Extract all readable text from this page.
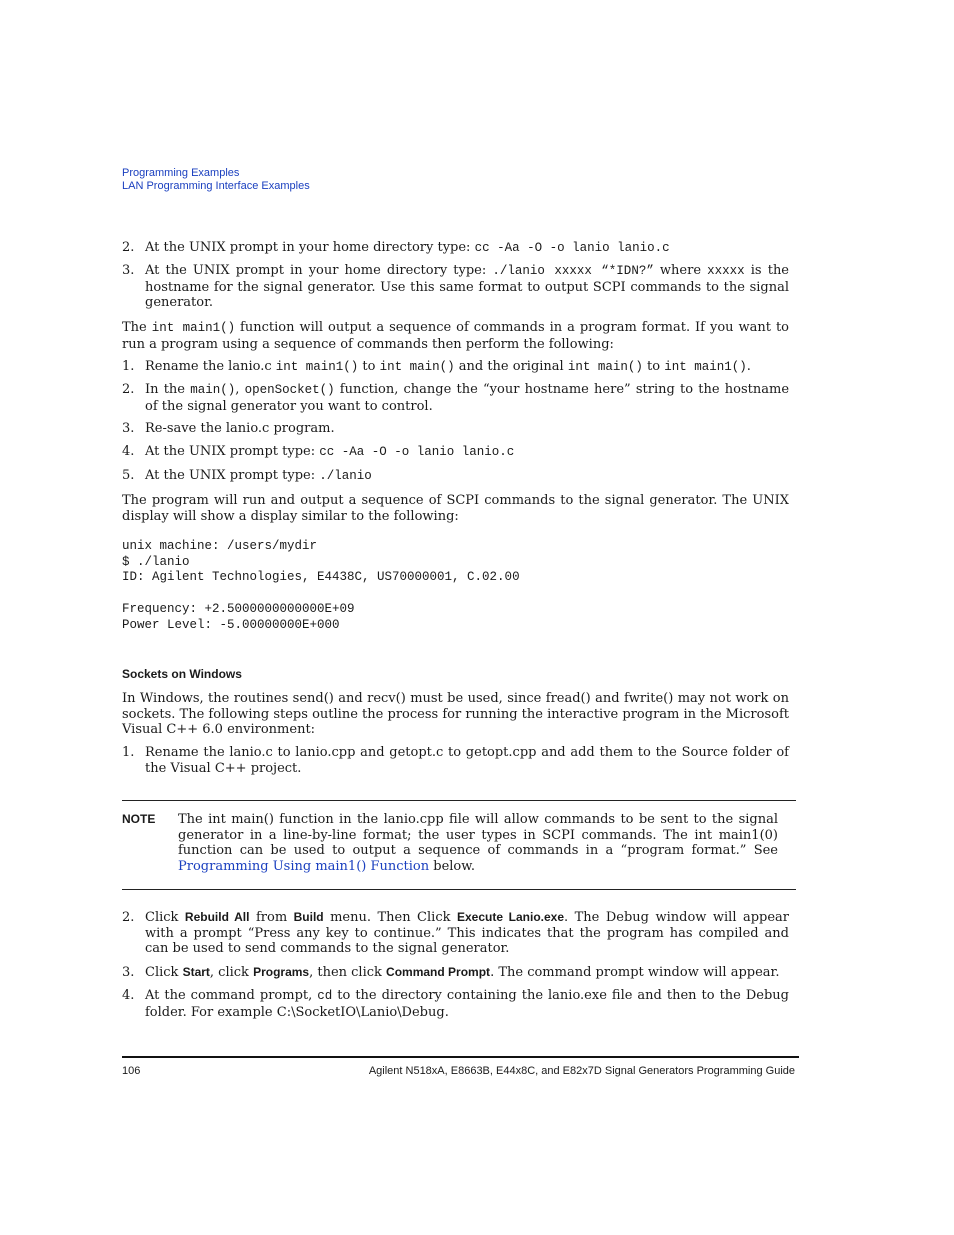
Programming Examples
LAN Programming Interface Examples
2. At the UNIX prompt in your home directory type: cc -Aa -O -o lanio lanio.c
3. At the UNIX prompt in your home directory type: ./lanio xxxxx “*IDN?” where xxxxx is the hostname for the signal generator. Use this same format to output SCPI commands to the signal generator.
The int main1() function will output a sequence of commands in a program format. If you want to run a program using a sequence of commands then perform the following:
1. Rename the lanio.c int main1() to int main() and the original int main() to int main1().
2. In the main(), openSocket() function, change the “your hostname here” string to the hostname of the signal generator you want to control.
3. Re-save the lanio.c program.
4. At the UNIX prompt type: cc -Aa -O -o lanio lanio.c
5. At the UNIX prompt type: ./lanio
The program will run and output a sequence of SCPI commands to the signal generator. The UNIX display will show a display similar to the following:
unix machine: /users/mydir
$ ./lanio
ID: Agilent Technologies, E4438C, US70000001, C.02.00

Frequency: +2.5000000000000E+09
Power Level: -5.00000000E+000
Sockets on Windows
In Windows, the routines send() and recv() must be used, since fread() and fwrite() may not work on sockets. The following steps outline the process for running the interactive program in the Microsoft Visual C++ 6.0 environment:
1. Rename the lanio.c to lanio.cpp and getopt.c to getopt.cpp and add them to the Source folder of the Visual C++ project.
NOTE The int main() function in the lanio.cpp file will allow commands to be sent to the signal generator in a line-by-line format; the user types in SCPI commands. The int main1(0) function can be used to output a sequence of commands in a “program format.” See Programming Using main1() Function below.
2. Click Rebuild All from Build menu. Then Click Execute Lanio.exe. The Debug window will appear with a prompt “Press any key to continue.” This indicates that the program has compiled and can be used to send commands to the signal generator.
3. Click Start, click Programs, then click Command Prompt. The command prompt window will appear.
4. At the command prompt, cd to the directory containing the lanio.exe file and then to the Debug folder. For example C:\SocketIO\Lanio\Debug.
106	Agilent N518xA, E8663B, E44x8C, and E82x7D Signal Generators Programming Guide
